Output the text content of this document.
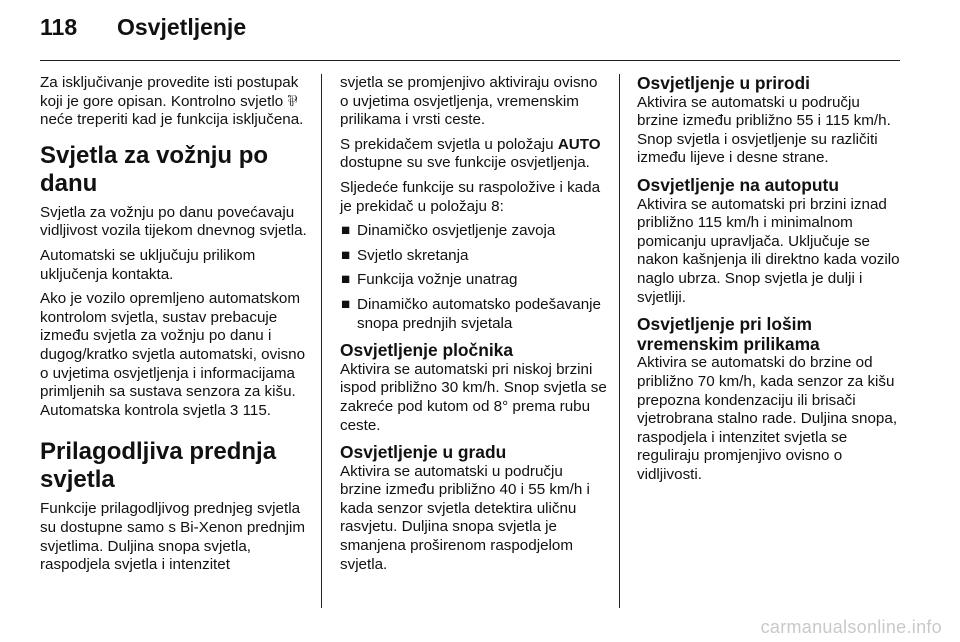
118 Osvjetljenje

Za isključivanje provedite isti postupak koji je gore opisan. Kontrolno svjetlo ⅌ neće treperiti kad je funkcija isključena.

Svjetla za vožnju po danu

Svjetla za vožnju po danu povećavaju vidljivost vozila tijekom dnevnog svjetla.

Automatski se uključuju prilikom uključenja kontakta.

Ako je vozilo opremljeno automatskom kontrolom svjetla, sustav prebacuje između svjetla za vožnju po danu i dugog/kratko svjetla automatski, ovisno o uvjetima osvjetljenja i informacijama primljenih sa sustava senzora za kišu. Automatska kontrola svjetla 3 115.

Prilagodljiva prednja svjetla

Funkcije prilagodljivog prednjeg svjetla su dostupne samo s Bi-Xenon prednjim svjetlima. Duljina snopa svjetla, raspodjela svjetla i intenzitet

svjetla se promjenjivo aktiviraju ovisno o uvjetima osvjetljenja, vremenskim prilikama i vrsti ceste.

S prekidačem svjetla u položaju AUTO dostupne su sve funkcije osvjetljenja.

Sljedeće funkcije su raspoložive i kada je prekidač u položaju 8:

■ Dinamičko osvjetljenje zavoja
■ Svjetlo skretanja
■ Funkcija vožnje unatrag
■ Dinamičko automatsko podešavanje snopa prednjih svjetala
Osvjetljenje pločnika

Aktivira se automatski pri niskoj brzini ispod približno 30 km/h. Snop svjetla se zakreće pod kutom od 8° prema rubu ceste.

Osvjetljenje u gradu

Aktivira se automatski u području brzine između približno 40 i 55 km/h i kada senzor svjetla detektira uličnu rasvjetu. Duljina snopa svjetla je smanjena proširenom raspodjelom svjetla.

Osvjetljenje u prirodi

Aktivira se automatski u području brzine između približno 55 i 115 km/h. Snop svjetla i osvjetljenje su različiti između lijeve i desne strane.

Osvjetljenje na autoputu

Aktivira se automatski pri brzini iznad približno 115 km/h i minimalnom pomicanju upravljača. Uključuje se nakon kašnjenja ili direktno kada vozilo naglo ubrza. Snop svjetla je dulji i svjetliji.

Osvjetljenje pri lošim vremenskim prilikama

Aktivira se automatski do brzine od približno 70 km/h, kada senzor za kišu prepozna kondenzaciju ili brisači vjetrobrana stalno rade. Duljina snopa, raspodjela i intenzitet svjetla se reguliraju promjenjivo ovisno o vidljivosti.

carmanualsonline.info
